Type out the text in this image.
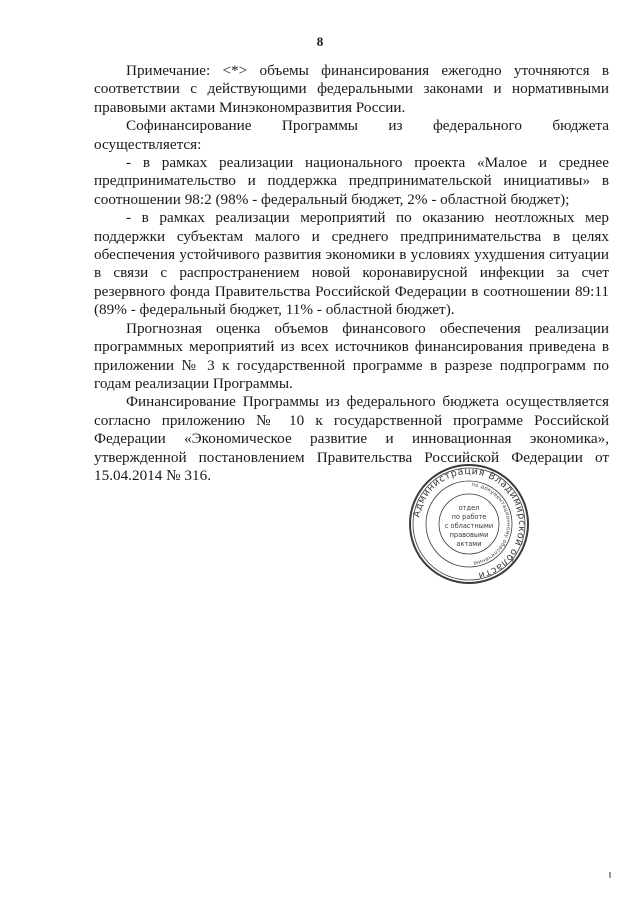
8

Примечание: <*> объемы финансирования ежегодно уточняются в соответствии с действующими федеральными законами и нормативными правовыми актами Минэкономразвития России.

Софинансирование Программы из федерального бюджета осуществляется:

- в рамках реализации национального проекта «Малое и среднее предпринимательство и поддержка предпринимательской инициативы» в соотношении 98:2 (98% - федеральный бюджет, 2% - областной бюджет);

- в рамках реализации мероприятий по оказанию неотложных мер поддержки субъектам малого и среднего предпринимательства в целях обеспечения устойчивого развития экономики в условиях ухудшения ситуации в связи с распространением новой коронавирусной инфекции за счет резервного фонда Правительства Российской Федерации в соотношении 89:11 (89% - федеральный бюджет, 11% - областной бюджет).

Прогнозная оценка объемов финансового обеспечения реализации программных мероприятий из всех источников финансирования приведена в приложении № 3 к государственной программе в разрезе подпрограмм по годам реализации Программы.

Финансирование Программы из федерального бюджета осуществляется согласно приложению № 10 к государственной программе Российской Федерации «Экономическое развитие и инновационная экономика», утвержденной постановлением Правительства Российской Федерации от 15.04.2014 № 316.

Администрация Владимирской области
по документационному обеспечению
отдел
по работе
с областными
правовыми
актами
